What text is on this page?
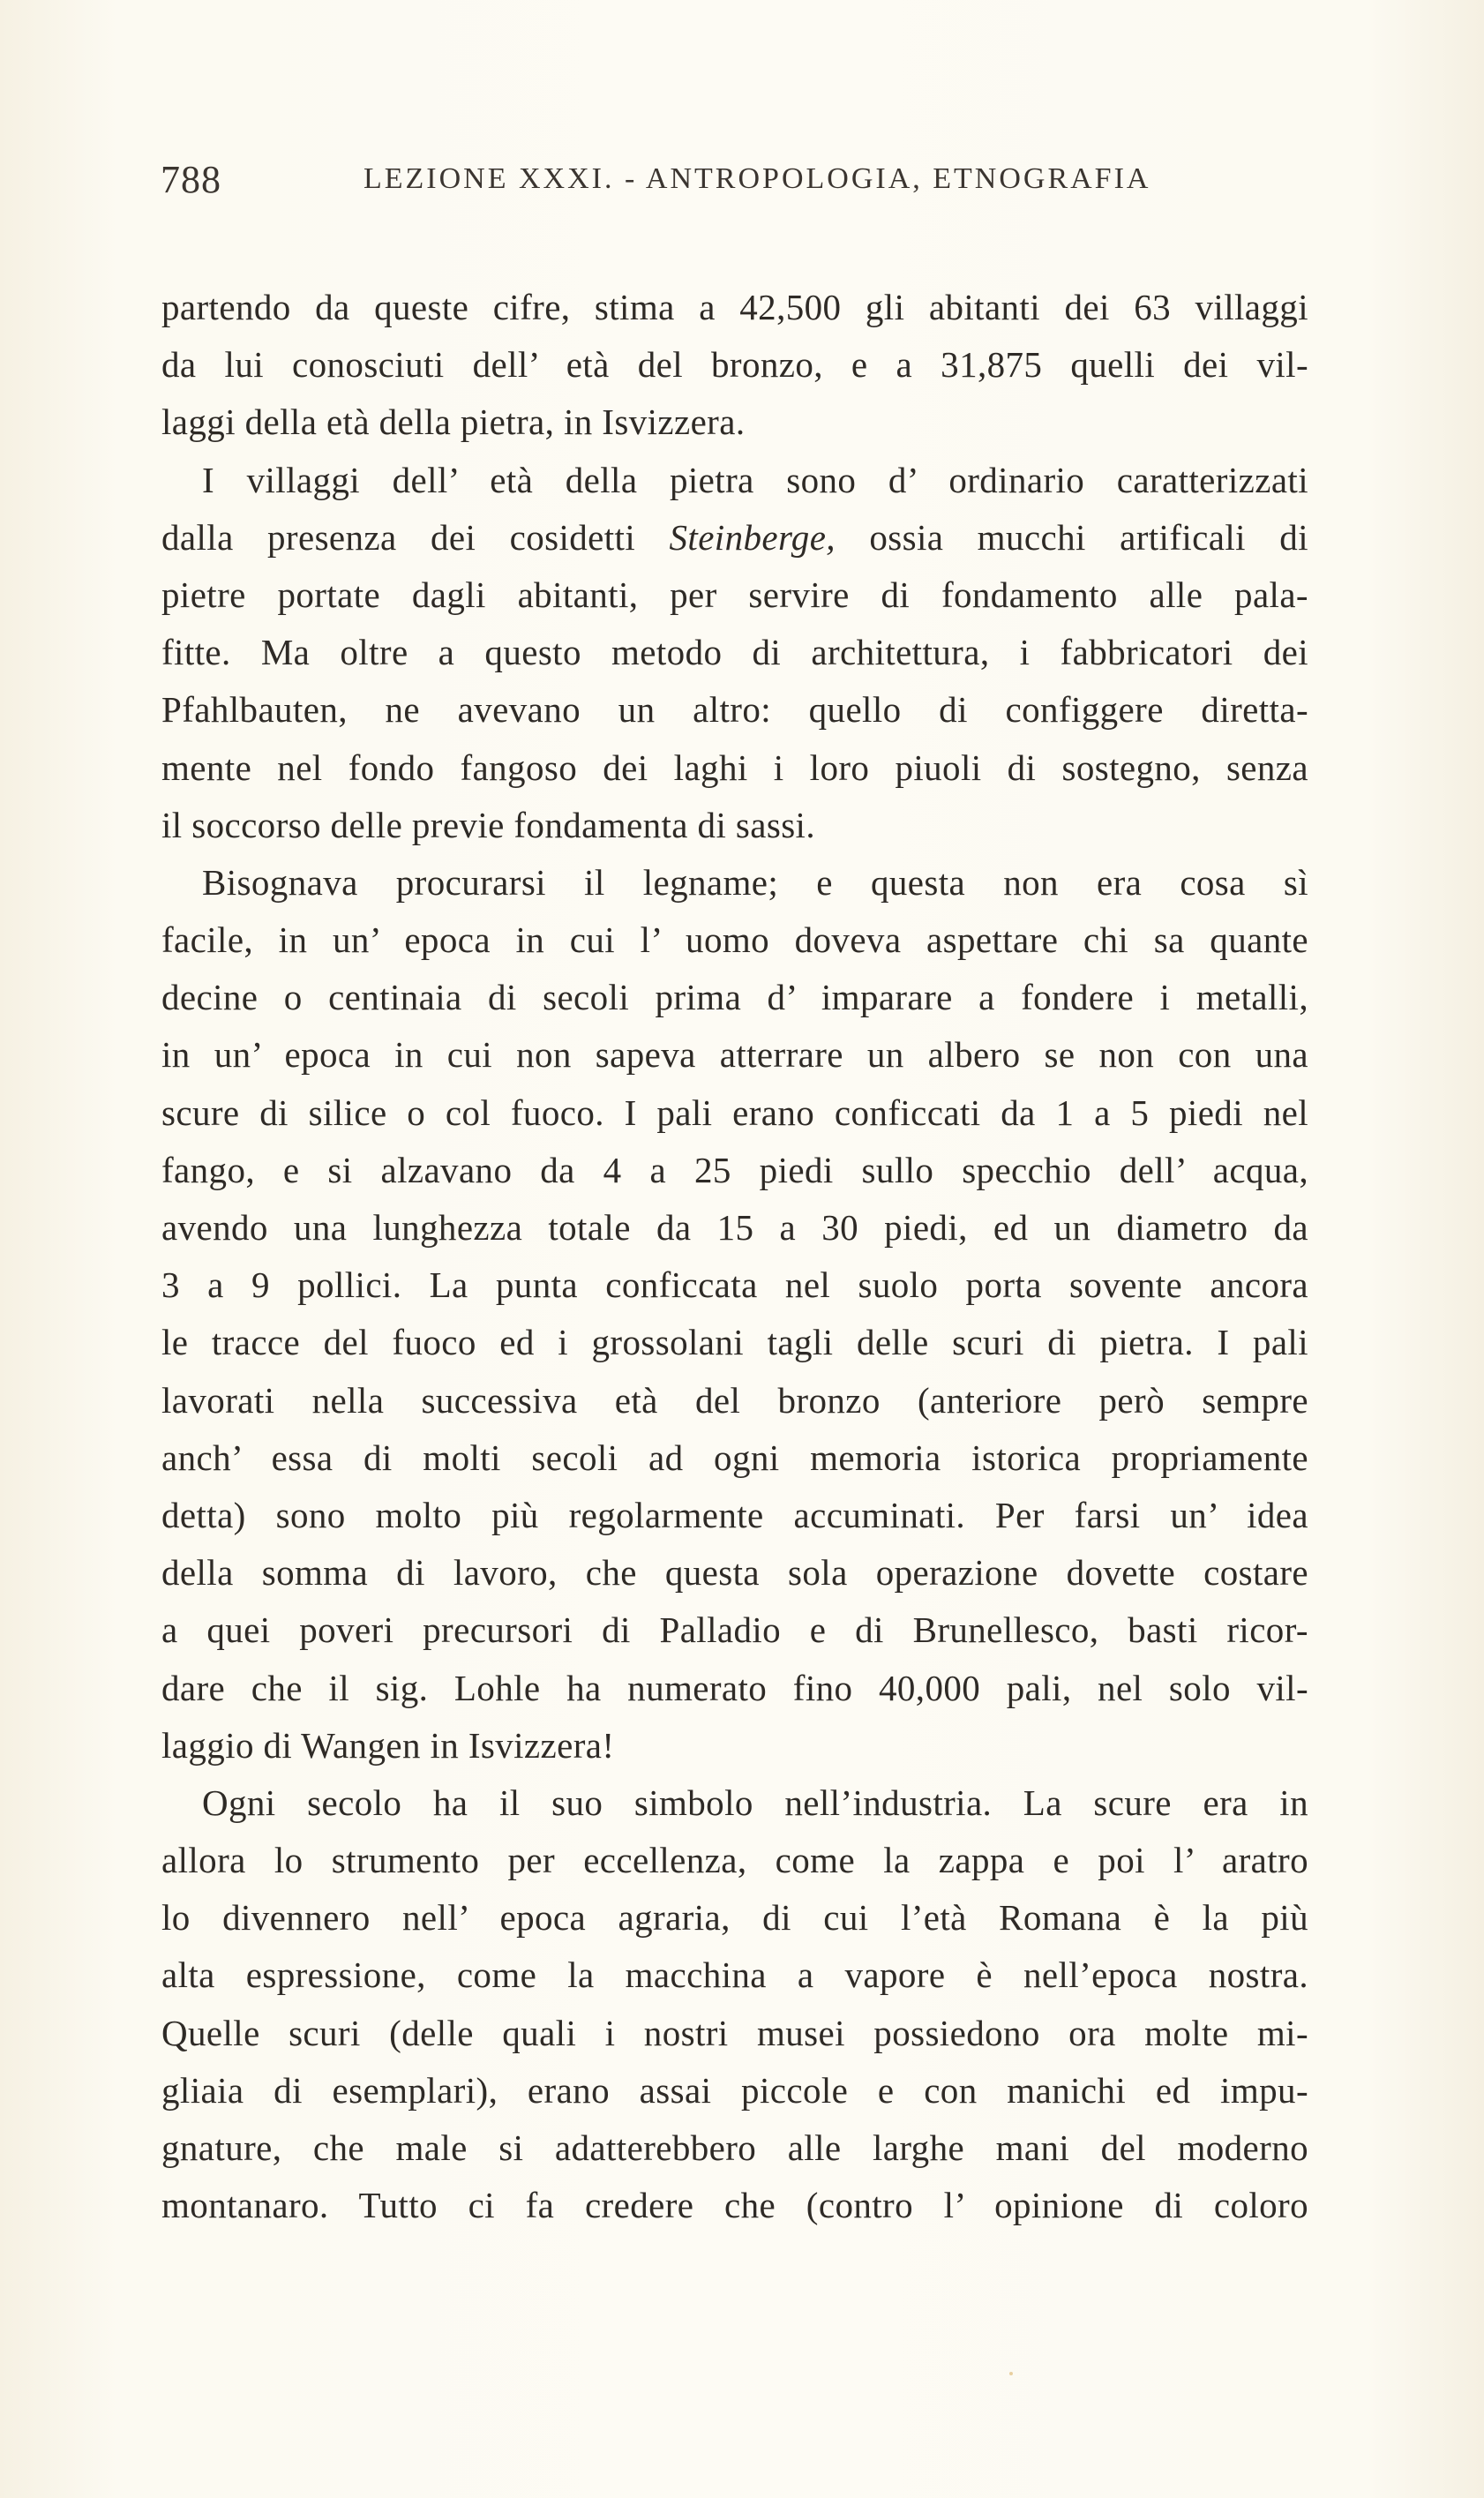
788	LEZIONE XXXI. - ANTROPOLOGIA, ETNOGRAFIA
partendo da queste cifre, stima a 42,500 gli abitanti dei 63 villaggi
da lui conosciuti dell’ età del bronzo, e a 31,875 quelli dei vil-
laggi della età della pietra, in Isvizzera.
I villaggi dell’ età della pietra sono d’ ordinario caratterizzati
dalla presenza dei cosidetti Steinberge, ossia mucchi artificali di
pietre portate dagli abitanti, per servire di fondamento alle pala-
fitte. Ma oltre a questo metodo di architettura, i fabbricatori dei
Pfahlbauten, ne avevano un altro: quello di configgere diretta-
mente nel fondo fangoso dei laghi i loro piuoli di sostegno, senza
il soccorso delle previe fondamenta di sassi.
Bisognava procurarsi il legname; e questa non era cosa sì
facile, in un’ epoca in cui l’ uomo doveva aspettare chi sa quante
decine o centinaia di secoli prima d’ imparare a fondere i metalli,
in un’ epoca in cui non sapeva atterrare un albero se non con una
scure di silice o col fuoco. I pali erano conficcati da 1 a 5 piedi nel
fango, e si alzavano da 4 a 25 piedi sullo specchio dell’ acqua,
avendo una lunghezza totale da 15 a 30 piedi, ed un diametro da
3 a 9 pollici. La punta conficcata nel suolo porta sovente ancora
le tracce del fuoco ed i grossolani tagli delle scuri di pietra. I pali
lavorati nella successiva età del bronzo (anteriore però sempre
anch’ essa di molti secoli ad ogni memoria istorica propriamente
detta) sono molto più regolarmente accuminati. Per farsi un’ idea
della somma di lavoro, che questa sola operazione dovette costare
a quei poveri precursori di Palladio e di Brunellesco, basti ricor-
dare che il sig. Lohle ha numerato fino 40,000 pali, nel solo vil-
laggio di Wangen in Isvizzera!
Ogni secolo ha il suo simbolo nell’industria. La scure era in
allora lo strumento per eccellenza, come la zappa e poi l’ aratro
lo divennero nell’ epoca agraria, di cui l’età Romana è la più
alta espressione, come la macchina a vapore è nell’epoca nostra.
Quelle scuri (delle quali i nostri musei possiedono ora molte mi-
gliaia di esemplari), erano assai piccole e con manichi ed impu-
gnature, che male si adatterebbero alle larghe mani del moderno
montanaro. Tutto ci fa credere che (contro l’ opinione di coloro
